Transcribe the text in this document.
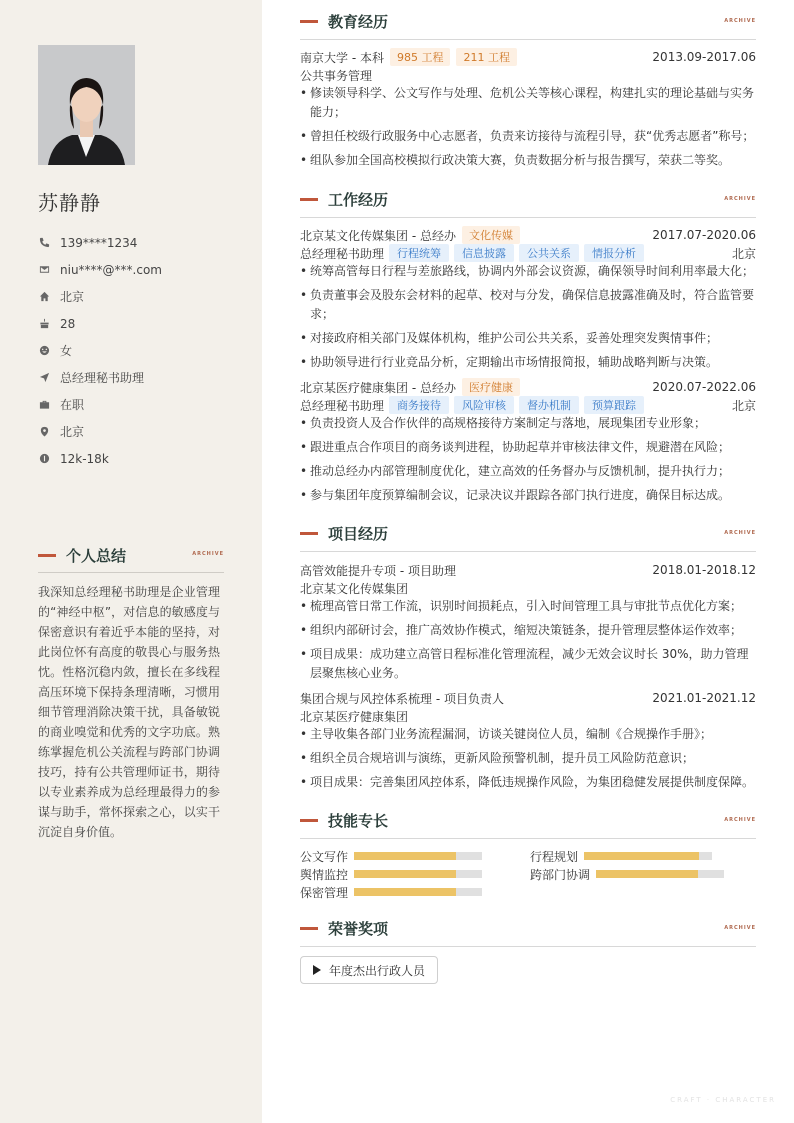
苏静静
139****1234
niu****@***.com
北京
28
女
总经理秘书助理
在职
北京
12k-18k
个人总结	ARCHIVE
我深知总经理秘书助理是企业管理的“神经中枢”，对信息的敏感度与保密意识有着近乎本能的坚持，对此岗位怀有高度的敬畏心与服务热忱。性格沉稳内敛，擅长在多线程高压环境下保持条理清晰，习惯用细节管理消除决策干扰，具备敏锐的商业嗅觉和优秀的文字功底。熟练掌握危机公关流程与跨部门协调技巧，持有公共管理师证书，期待以专业素养成为总经理最得力的参谋与助手，常怀探索之心，以实干沉淀自身价值。
教育经历	ARCHIVE
南京大学 - 本科	985 工程	211 工程	2013.09-2017.06
公共事务管理
• 修读领导科学、公文写作与处理、危机公关等核心课程，构建扎实的理论基础与实务能力；
• 曾担任校级行政服务中心志愿者，负责来访接待与流程引导，获“优秀志愿者”称号；
• 组队参加全国高校模拟行政决策大赛，负责数据分析与报告撰写，荣获二等奖。
工作经历	ARCHIVE
北京某文化传媒集团 - 总经办	文化传媒	2017.07-2020.06
总经理秘书助理	行程统筹	信息披露	公共关系	情报分析	北京
• 统筹高管每日行程与差旅路线，协调内外部会议资源，确保领导时间利用率最大化；
• 负责董事会及股东会材料的起草、校对与分发，确保信息披露准确及时，符合监管要求；
• 对接政府相关部门及媒体机构，维护公司公共关系，妥善处理突发舆情事件；
• 协助领导进行行业竞品分析，定期输出市场情报简报，辅助战略判断与决策。
北京某医疗健康集团 - 总经办	医疗健康	2020.07-2022.06
总经理秘书助理	商务接待	风险审核	督办机制	预算跟踪	北京
• 负责投资人及合作伙伴的高规格接待方案制定与落地，展现集团专业形象；
• 跟进重点合作项目的商务谈判进程，协助起草并审核法律文件，规避潜在风险；
• 推动总经办内部管理制度优化，建立高效的任务督办与反馈机制，提升执行力；
• 参与集团年度预算编制会议，记录决议并跟踪各部门执行进度，确保目标达成。
项目经历	ARCHIVE
高管效能提升专项 - 项目助理	2018.01-2018.12
北京某文化传媒集团
• 梳理高管日常工作流，识别时间损耗点，引入时间管理工具与审批节点优化方案；
• 组织内部研讨会，推广高效协作模式，缩短决策链条，提升管理层整体运作效率；
• 项目成果：成功建立高管日程标准化管理流程，减少无效会议时长 30%，助力管理层聚焦核心业务。
集团合规与风控体系梳理 - 项目负责人	2021.01-2021.12
北京某医疗健康集团
• 主导收集各部门业务流程漏洞，访谈关键岗位人员，编制《合规操作手册》；
• 组织全员合规培训与演练，更新风险预警机制，提升员工风险防范意识；
• 项目成果：完善集团风控体系，降低违规操作风险，为集团稳健发展提供制度保障。
技能专长	ARCHIVE
公文写作	行程规划
舆情监控	跨部门协调
保密管理
荣誉奖项	ARCHIVE
年度杰出行政人员
CRAFT · CHARACTER
